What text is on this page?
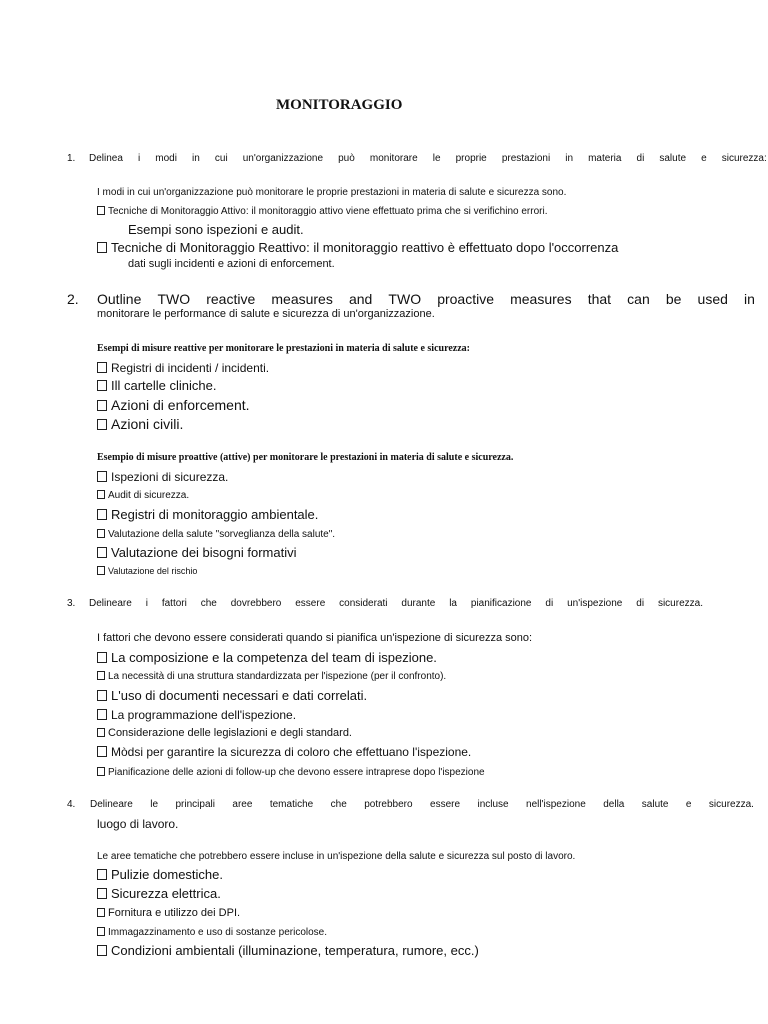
MONITORAGGIO
1. Delinea i modi in cui un'organizzazione può monitorare le proprie prestazioni in materia di salute e sicurezza:
I modi in cui un'organizzazione può monitorare le proprie prestazioni in materia di salute e sicurezza sono.
Tecniche di Monitoraggio Attivo: il monitoraggio attivo viene effettuato prima che si verifichino errori.
Esempi sono ispezioni e audit.
Tecniche di Monitoraggio Reattivo: il monitoraggio reattivo è effettuato dopo l'occorrenza
dati sugli incidenti e azioni di enforcement.
2. Outline TWO reactive measures and TWO proactive measures that can be used in
monitorare le performance di salute e sicurezza di un'organizzazione.
Esempi di misure reattive per monitorare le prestazioni in materia di salute e sicurezza:
Registri di incidenti / incidenti.
Ill cartelle cliniche.
Azioni di enforcement.
Azioni civili.
Esempio di misure proattive (attive) per monitorare le prestazioni in materia di salute e sicurezza.
Ispezioni di sicurezza.
Audit di sicurezza.
Registri di monitoraggio ambientale.
Valutazione della salute "sorveglianza della salute".
Valutazione dei bisogni formativi
Valutazione del rischio
3. Delineare i fattori che dovrebbero essere considerati durante la pianificazione di un'ispezione di sicurezza.
I fattori che devono essere considerati quando si pianifica un'ispezione di sicurezza sono:
La composizione e la competenza del team di ispezione.
La necessità di una struttura standardizzata per l'ispezione (per il confronto).
L'uso di documenti necessari e dati correlati.
La programmazione dell'ispezione.
Considerazione delle legislazioni e degli standard.
Mòdsi per garantire la sicurezza di coloro che effettuano l'ispezione.
Pianificazione delle azioni di follow-up che devono essere intraprese dopo l'ispezione
4. Delineare le principali aree tematiche che potrebbero essere incluse nell'ispezione della salute e sicurezza.
luogo di lavoro.
Le aree tematiche che potrebbero essere incluse in un'ispezione della salute e sicurezza sul posto di lavoro.
Pulizie domestiche.
Sicurezza elettrica.
Fornitura e utilizzo dei DPI.
Immagazzinamento e uso di sostanze pericolose.
Condizioni ambientali (illuminazione, temperatura, rumore, ecc.)
